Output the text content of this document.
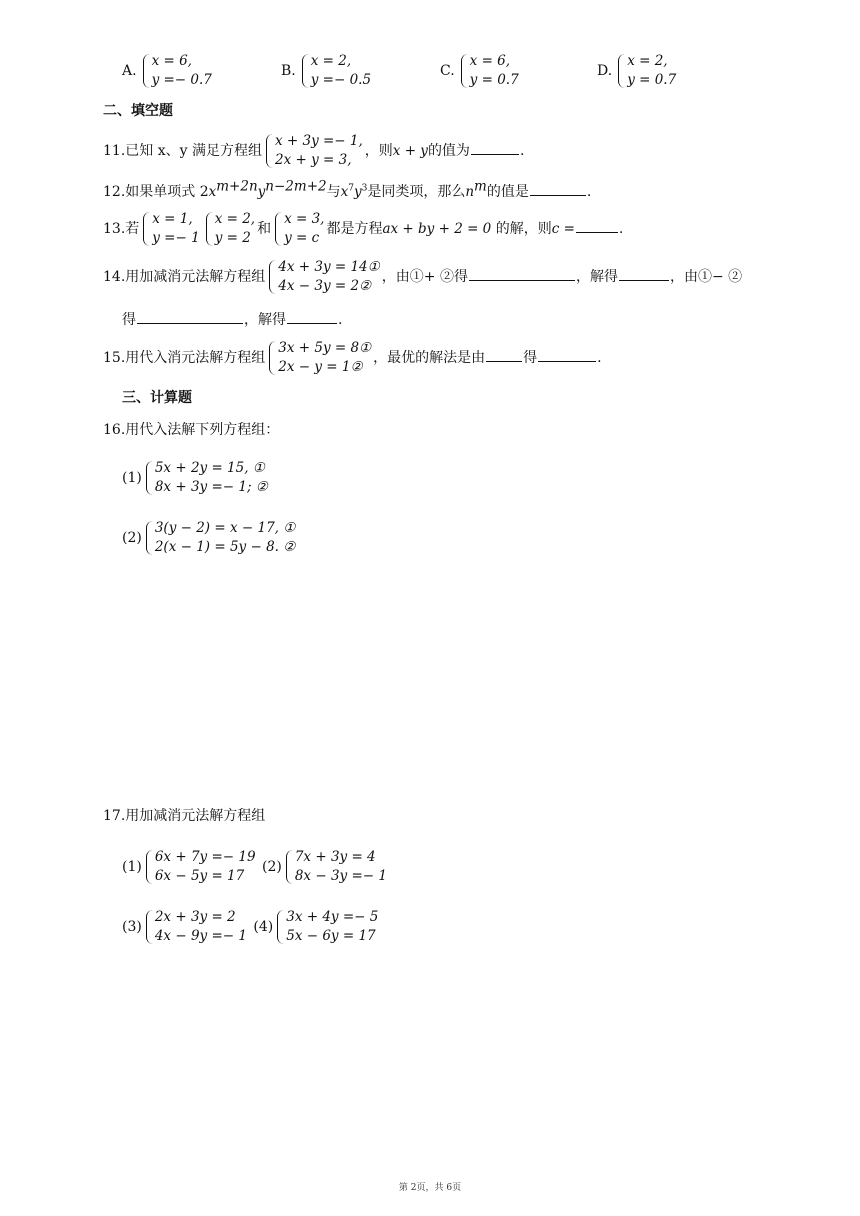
A.
x = 6,
y =− 0.7
B.
x = 2,
y =− 0.5
C.
x = 6,
y = 0.7
D.
x = 2,
y = 0.7
二、填空题
11.已知 x、y 满足方程组
x + 3y =− 1,
2x + y = 3,
，则x + y的值为	.
12.如果单项式 $2x^{m+2n}y^{n-2m+2}$与$x^7y^3$是同类项，那么$n^m$的值是	.
13.若
x = 1,
y =− 1
x = 2,
y = 2
和
x = 3,
y = c
都是方程ax + by + 2 = 0 的解，则c =	.
14.用加减消元法解方程组
4x + 3y = 14①
4x − 3y = 2②
，由①+ ②得	，解得	，由①− ②
得	，解得	.
15.用代入消元法解方程组
3x + 5y = 8①
2x − y = 1②
，最优的解法是由	得	.
三、计算题
16.用代入法解下列方程组：
(1)
5x + 2y = 15, ①
8x + 3y =− 1; ②
(2)
3(y − 2) = x − 17, ①
2(x − 1) = 5y − 8. ②
17.用加减消元法解方程组
(1)
6x + 7y =− 19
6x − 5y = 17
(2)
7x + 3y = 4
8x − 3y =− 1
(3)
2x + 3y = 2
4x − 9y =− 1
(4)
3x + 4y =− 5
5x − 6y = 17
第 2页，共 6页
